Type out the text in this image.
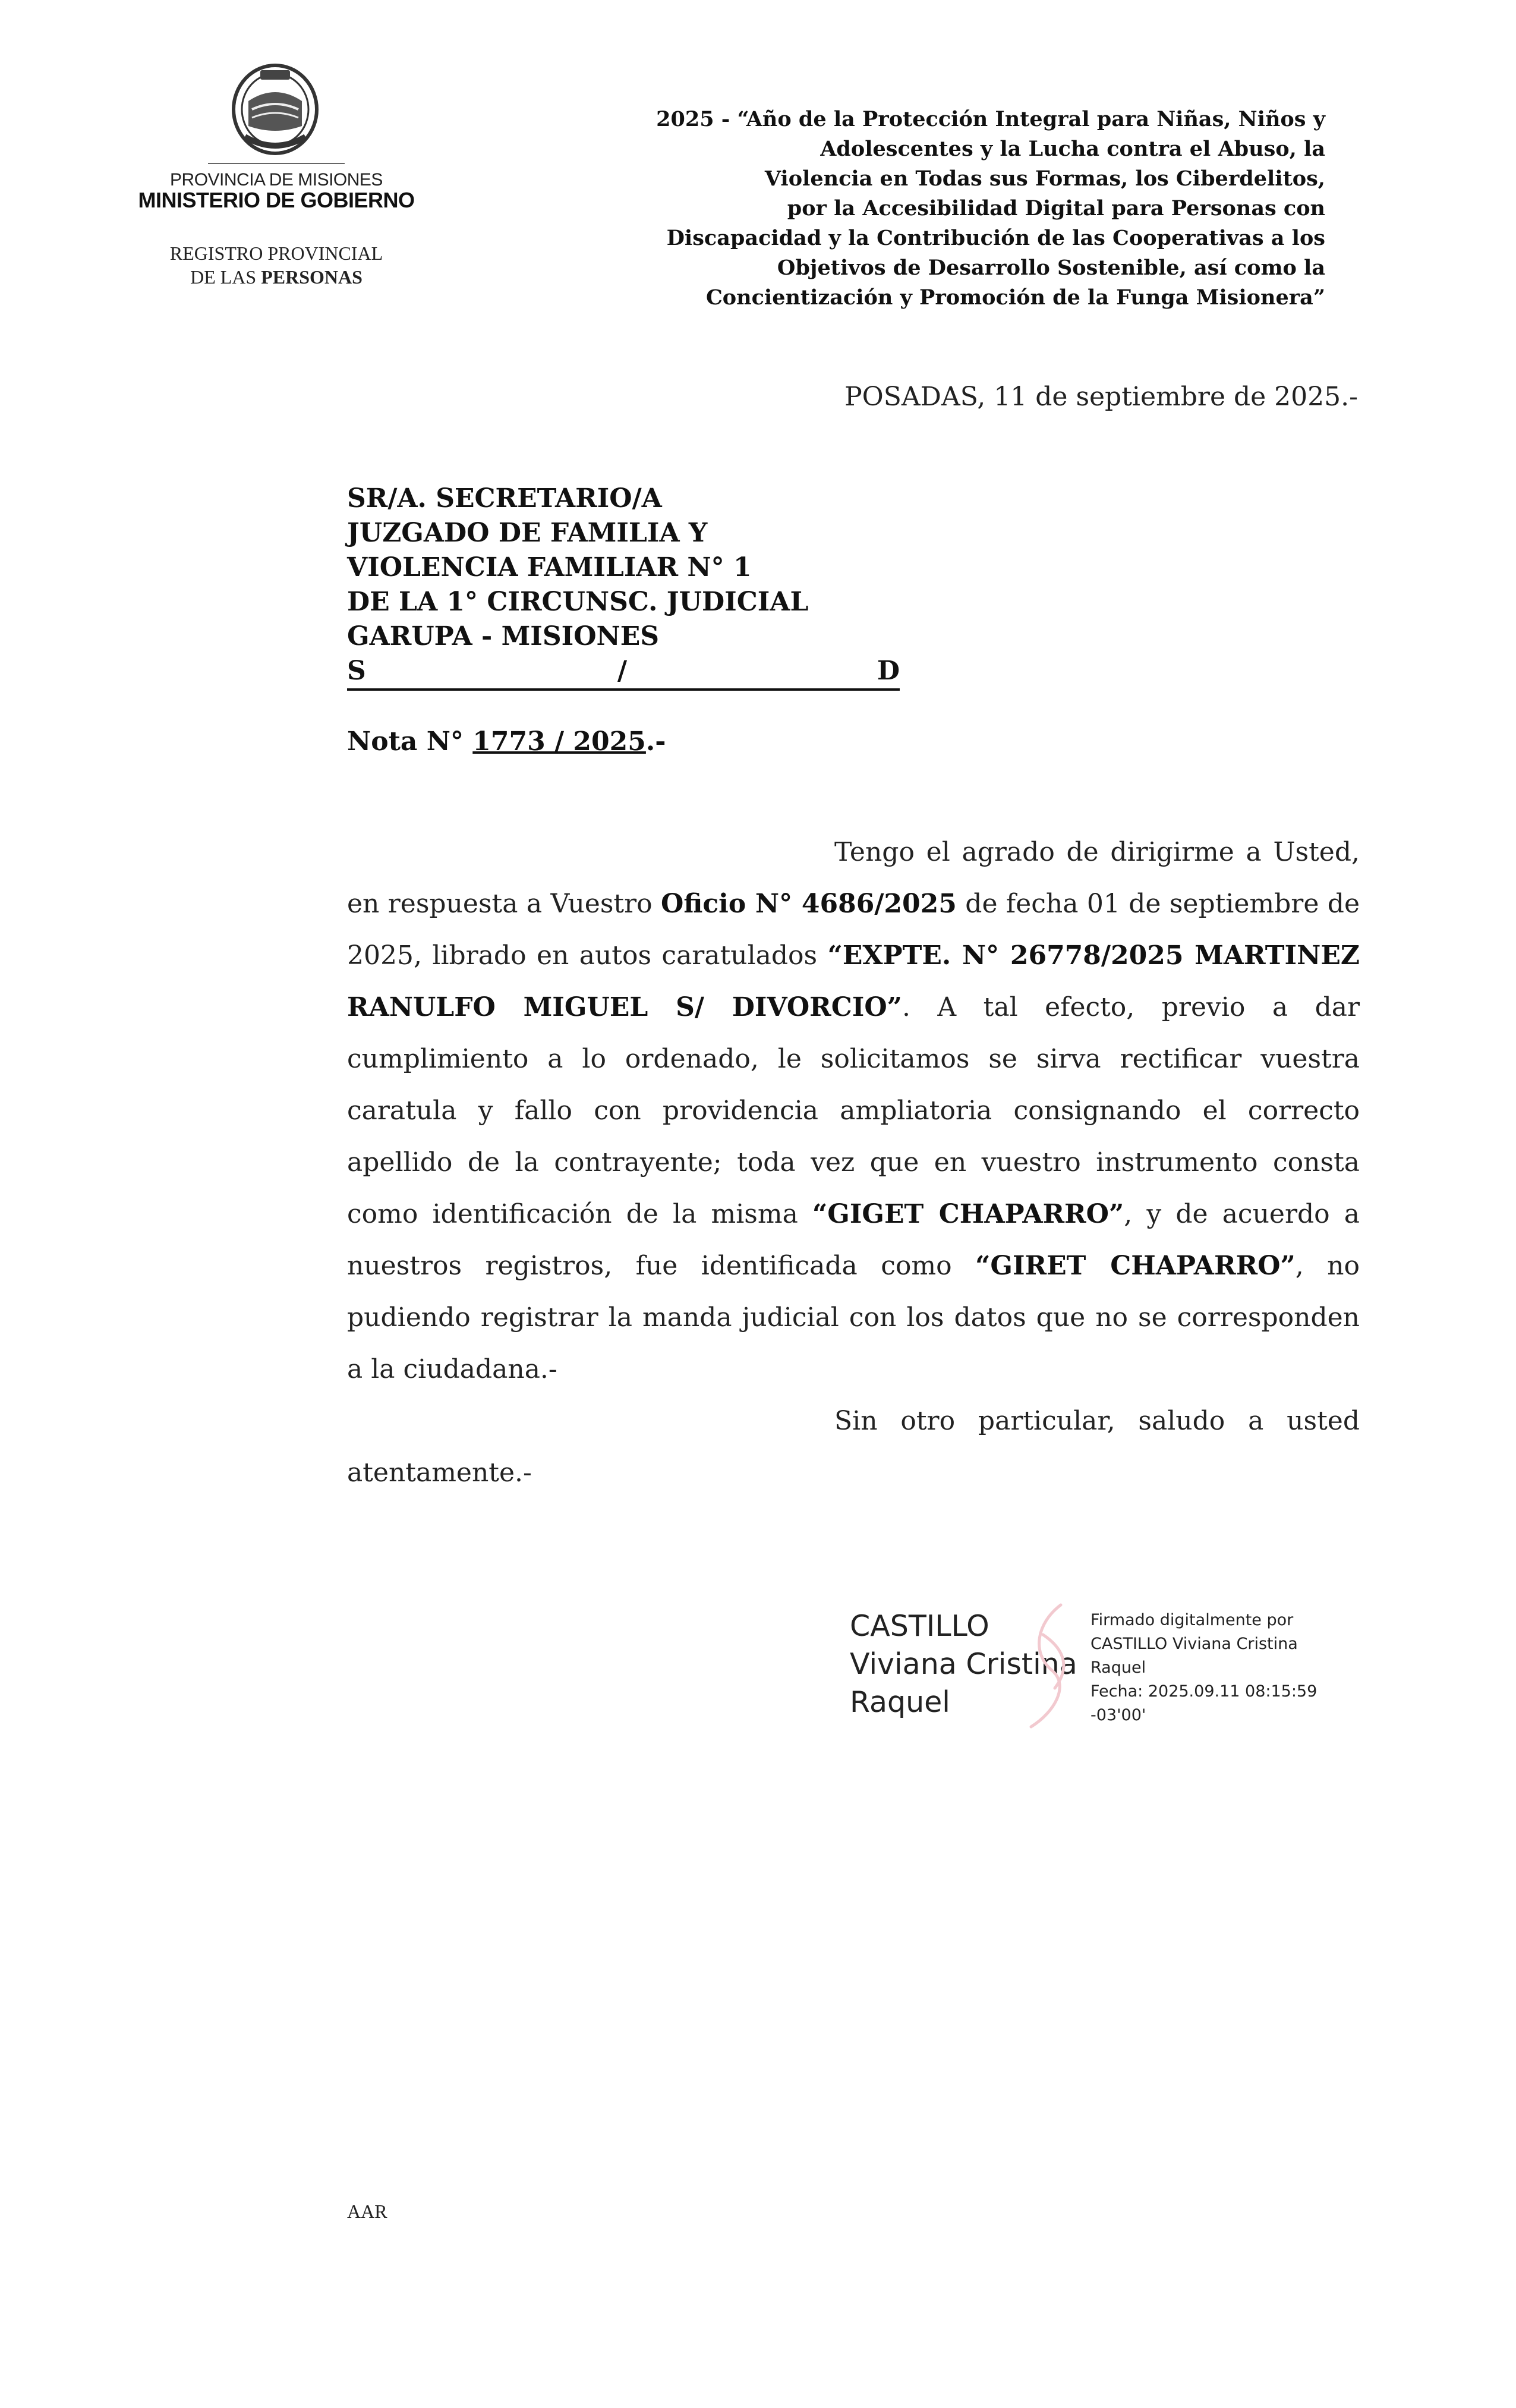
PROVINCIA DE MISIONES
MINISTERIO DE GOBIERNO
REGISTRO PROVINCIAL
DE LAS PERSONAS
2025 - “Año de la Protección Integral para Niñas, Niños y
Adolescentes y la Lucha contra el Abuso, la
Violencia en Todas sus Formas, los Ciberdelitos,
por la Accesibilidad Digital para Personas con
Discapacidad y la Contribución de las Cooperativas a los
Objetivos de Desarrollo Sostenible, así como la
Concientización y Promoción de la Funga Misionera”
POSADAS, 11 de septiembre de 2025.-
SR/A. SECRETARIO/A
JUZGADO DE FAMILIA Y
VIOLENCIA FAMILIAR N° 1
DE LA 1° CIRCUNSC. JUDICIAL
GARUPA - MISIONES
S	/	D
Nota N° 1773 / 2025.-

Tengo el agrado de dirigirme a Usted, en respuesta a Vuestro Oficio N° 4686/2025 de fecha 01 de septiembre de 2025, librado en autos caratulados “EXPTE. N° 26778/2025 MARTINEZ RANULFO MIGUEL S/ DIVORCIO”. A tal efecto, previo a dar cumplimiento a lo ordenado, le solicitamos se sirva rectificar vuestra caratula y fallo con providencia ampliatoria consignando el correcto apellido de la contrayente; toda vez que en vuestro instrumento consta como identificación de la misma “GIGET CHAPARRO”, y de acuerdo a nuestros registros, fue identificada como “GIRET CHAPARRO”, no pudiendo registrar la manda judicial con los datos que no se corresponden a la ciudadana.-

Sin otro particular, saludo a usted atentamente.-

CASTILLO
Viviana Cristina
Raquel
Firmado digitalmente por
CASTILLO Viviana Cristina
Raquel
Fecha: 2025.09.11 08:15:59
-03'00'
AAR
